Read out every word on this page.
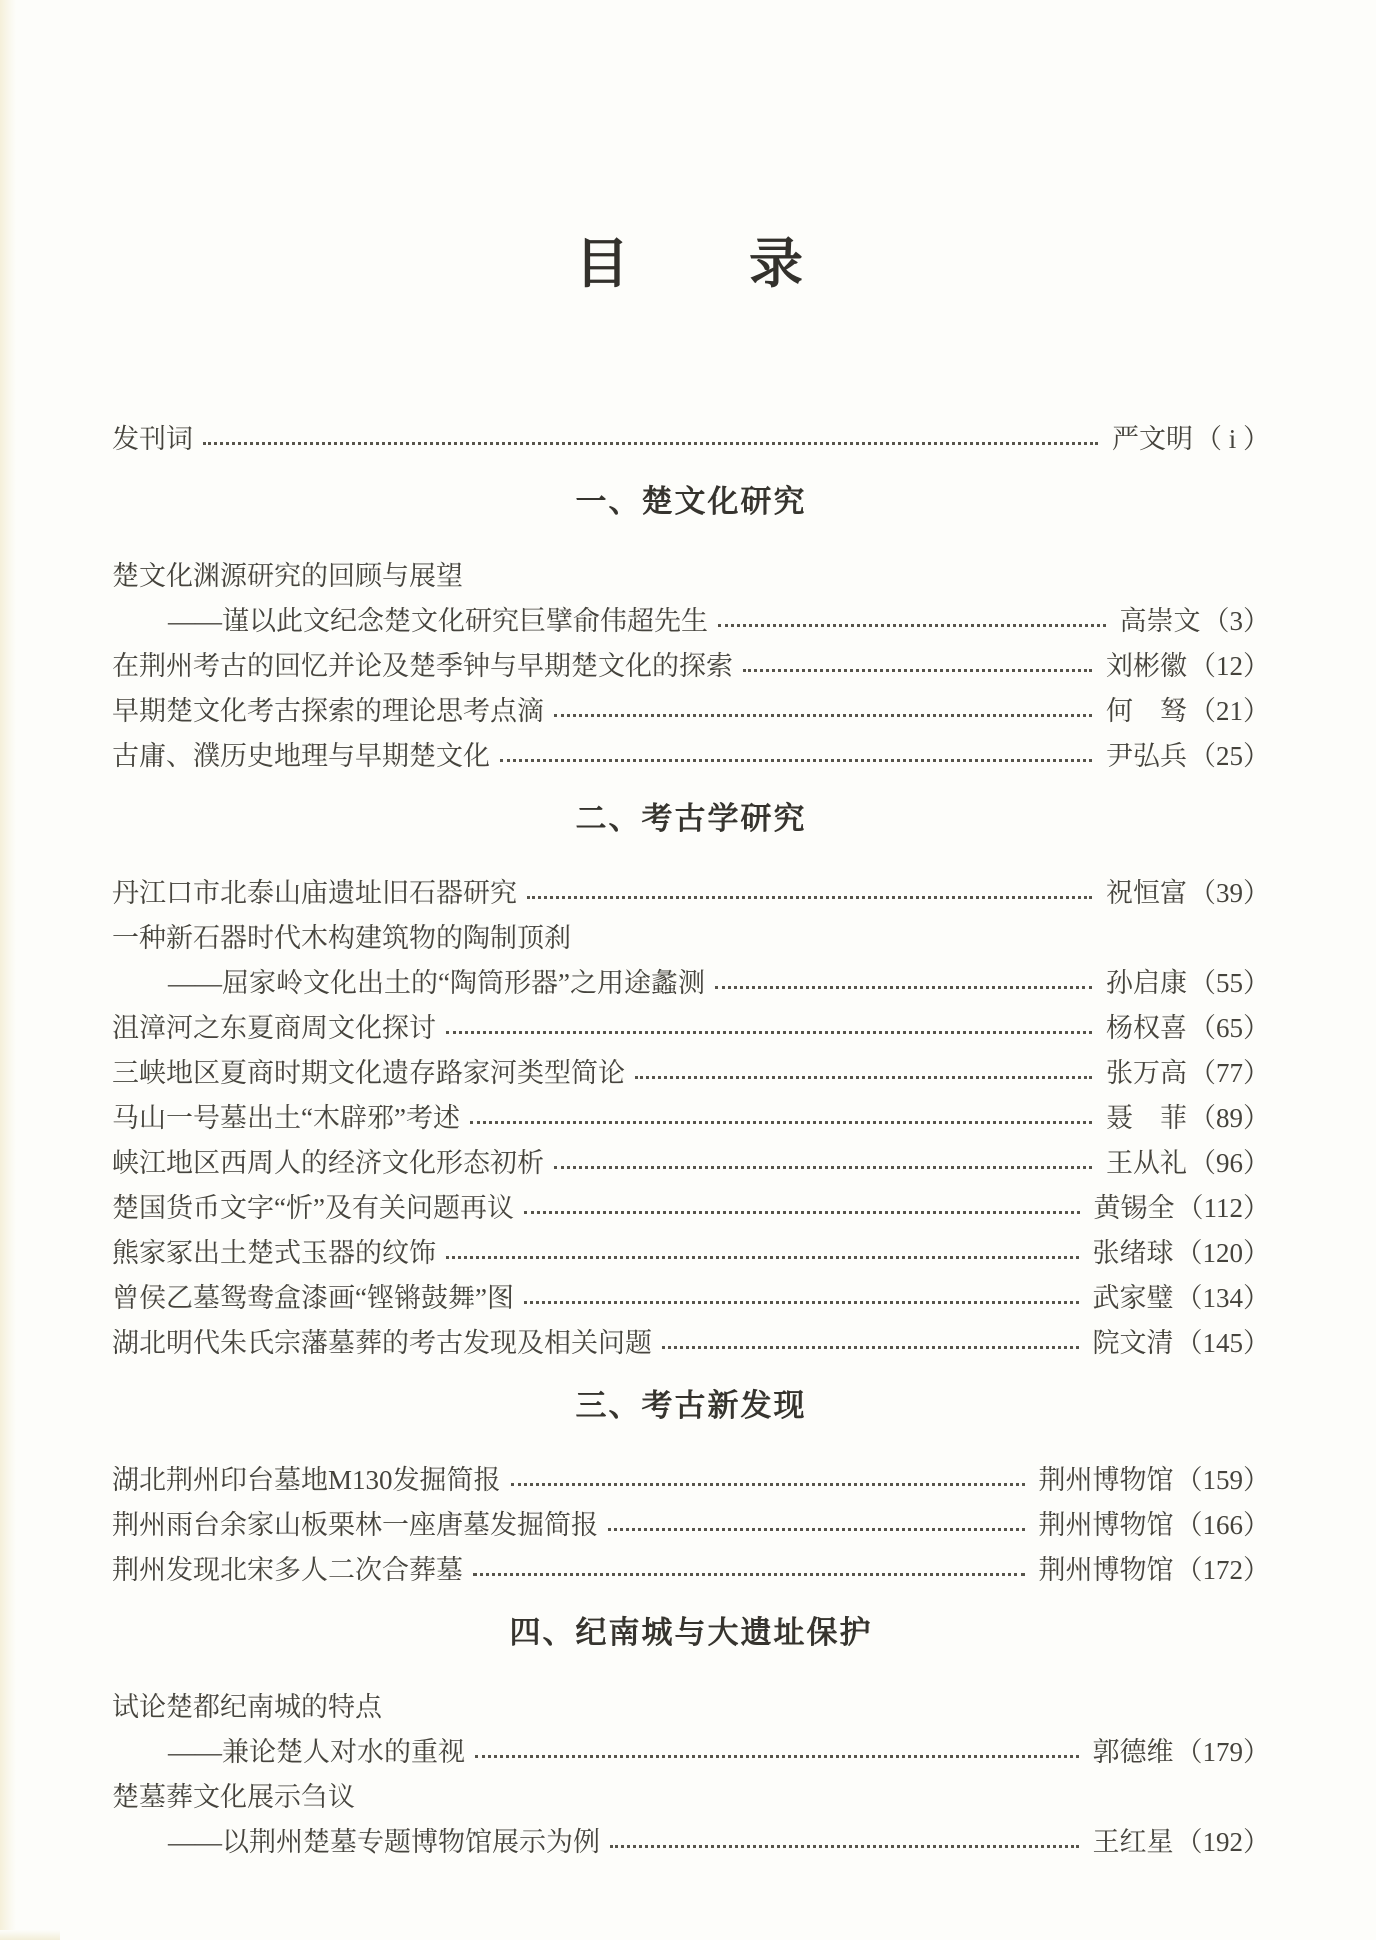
目　　录
发刊词	严文明 （ i ）
一、楚文化研究
楚文化渊源研究的回顾与展望
——谨以此文纪念楚文化研究巨擘俞伟超先生	高崇文 （3）
在荆州考古的回忆并论及楚季钟与早期楚文化的探索	刘彬徽 （12）
早期楚文化考古探索的理论思考点滴	何　驽 （21）
古庸、濮历史地理与早期楚文化	尹弘兵 （25）
二、考古学研究
丹江口市北泰山庙遗址旧石器研究	祝恒富 （39）
一种新石器时代木构建筑物的陶制顶刹
——屈家岭文化出土的“陶筒形器”之用途蠡测	孙启康 （55）
沮漳河之东夏商周文化探讨	杨权喜 （65）
三峡地区夏商时期文化遗存路家河类型简论	张万高 （77）
马山一号墓出土“木辟邪”考述	聂　菲 （89）
峡江地区西周人的经济文化形态初析	王从礼 （96）
楚国货币文字“忻”及有关问题再议	黄锡全 （112）
熊家冢出土楚式玉器的纹饰	张绪球 （120）
曾侯乙墓鸳鸯盒漆画“铿锵鼓舞”图	武家璧 （134）
湖北明代朱氏宗藩墓葬的考古发现及相关问题	院文清 （145）
三、考古新发现
湖北荆州印台墓地M130发掘简报	荆州博物馆 （159）
荆州雨台余家山板栗林一座唐墓发掘简报	荆州博物馆 （166）
荆州发现北宋多人二次合葬墓	荆州博物馆 （172）
四、纪南城与大遗址保护
试论楚都纪南城的特点
——兼论楚人对水的重视	郭德维 （179）
楚墓葬文化展示刍议
——以荆州楚墓专题博物馆展示为例	王红星 （192）
